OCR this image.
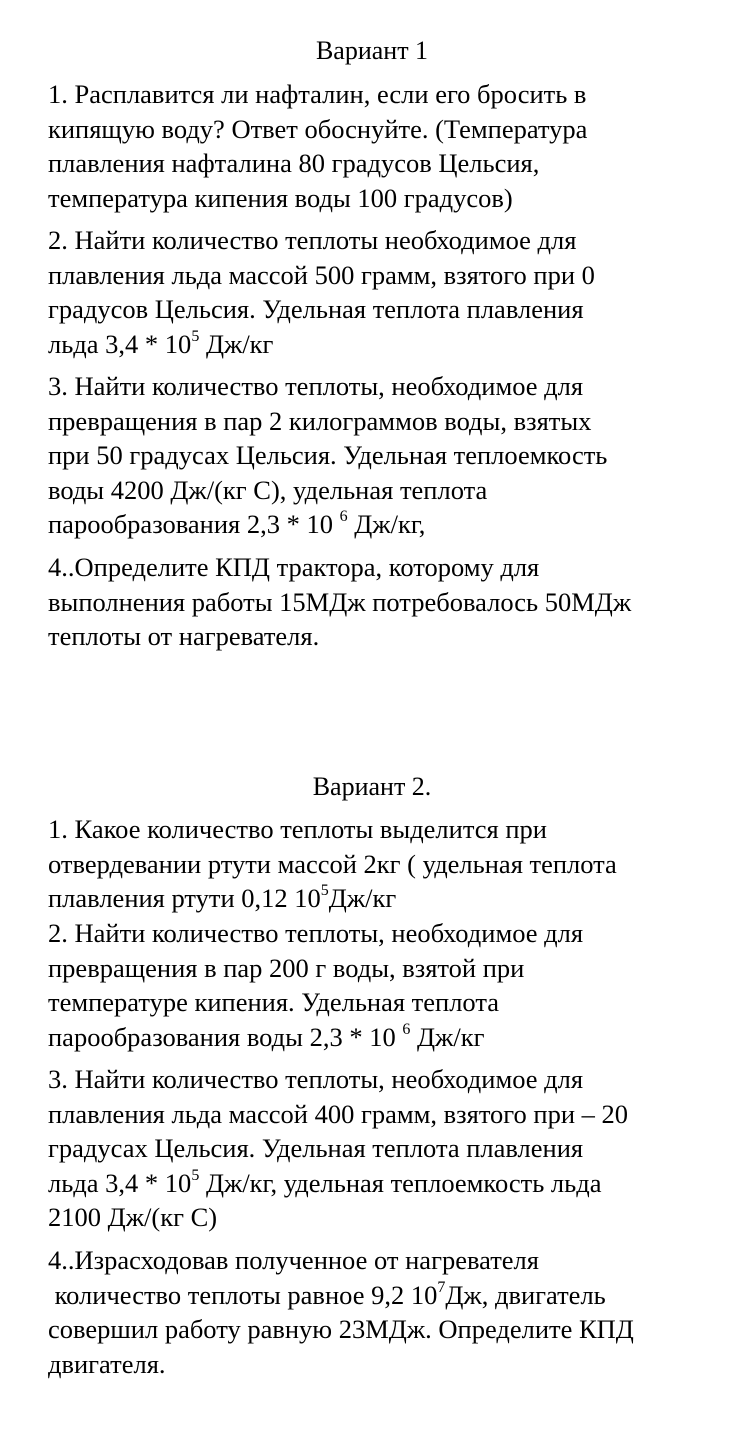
Вариант 1
1. Расплавится ли нафталин, если его бросить в
кипящую воду? Ответ обоснуйте. (Температура
плавления нафталина 80 градусов Цельсия,
температура кипения воды 100 градусов)
2. Найти количество теплоты необходимое для
плавления льда массой 500 грамм, взятого при 0
градусов Цельсия. Удельная теплота плавления
льда $3,4 * 10^5$ Дж/кг
3. Найти количество теплоты, необходимое для
превращения в пар 2 килограммов воды, взятых
при 50 градусах Цельсия. Удельная теплоемкость
воды 4200 Дж/(кг С), удельная теплота
парообразования 2,3 * 10 $^6$ Дж/кг,
4..Определите КПД трактора, которому для
выполнения работы 15МДж потребовалось 50МДж
теплоты от нагревателя.
Вариант 2.
1. Какое количество теплоты выделится при
отвердевании ртути массой 2кг ( удельная теплота
плавления ртути 0,12 $10^5Дж/кг$
2. Найти количество теплоты, необходимое для
превращения в пар 200 г воды, взятой при
температуре кипения. Удельная теплота
парообразования воды 2,3 * 10 $^6$ Дж/кг
3. Найти количество теплоты, необходимое для
плавления льда массой 400 грамм, взятого при – 20
градусах Цельсия. Удельная теплота плавления
льда $3,4 * 10^5$ Дж/кг, удельная теплоемкость льда
2100 Дж/(кг С)
4..Израсходовав полученное от нагревателя
количество теплоты равное 9,2 $10^7Дж$, двигатель
совершил работу равную 23МДж. Определите КПД
двигателя.
